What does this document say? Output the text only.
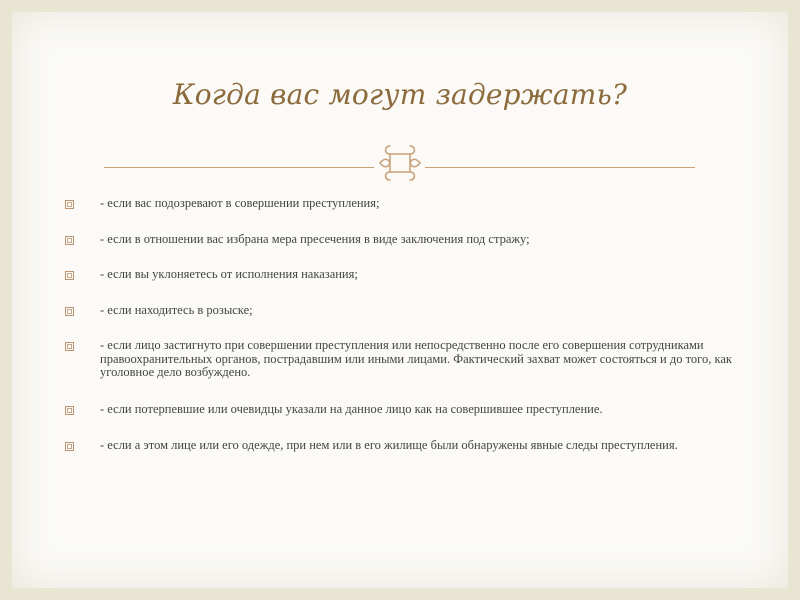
Когда вас могут задержать?
- если вас подозревают в совершении преступления;
- если в отношении вас избрана мера пресечения в виде заключения под стражу;
- если вы уклоняетесь от исполнения наказания;
- если находитесь в розыске;
- если лицо застигнуто при совершении преступления или непосредственно после его совершения сотрудниками правоохранительных органов, пострадавшим или иными лицами. Фактический захват может состояться и до того, как уголовное дело возбуждено.
- если потерпевшие или очевидцы указали на данное лицо как на совершившее преступление.
- если а этом лице или его одежде, при нем или в его жилище были обнаружены явные следы преступления.
